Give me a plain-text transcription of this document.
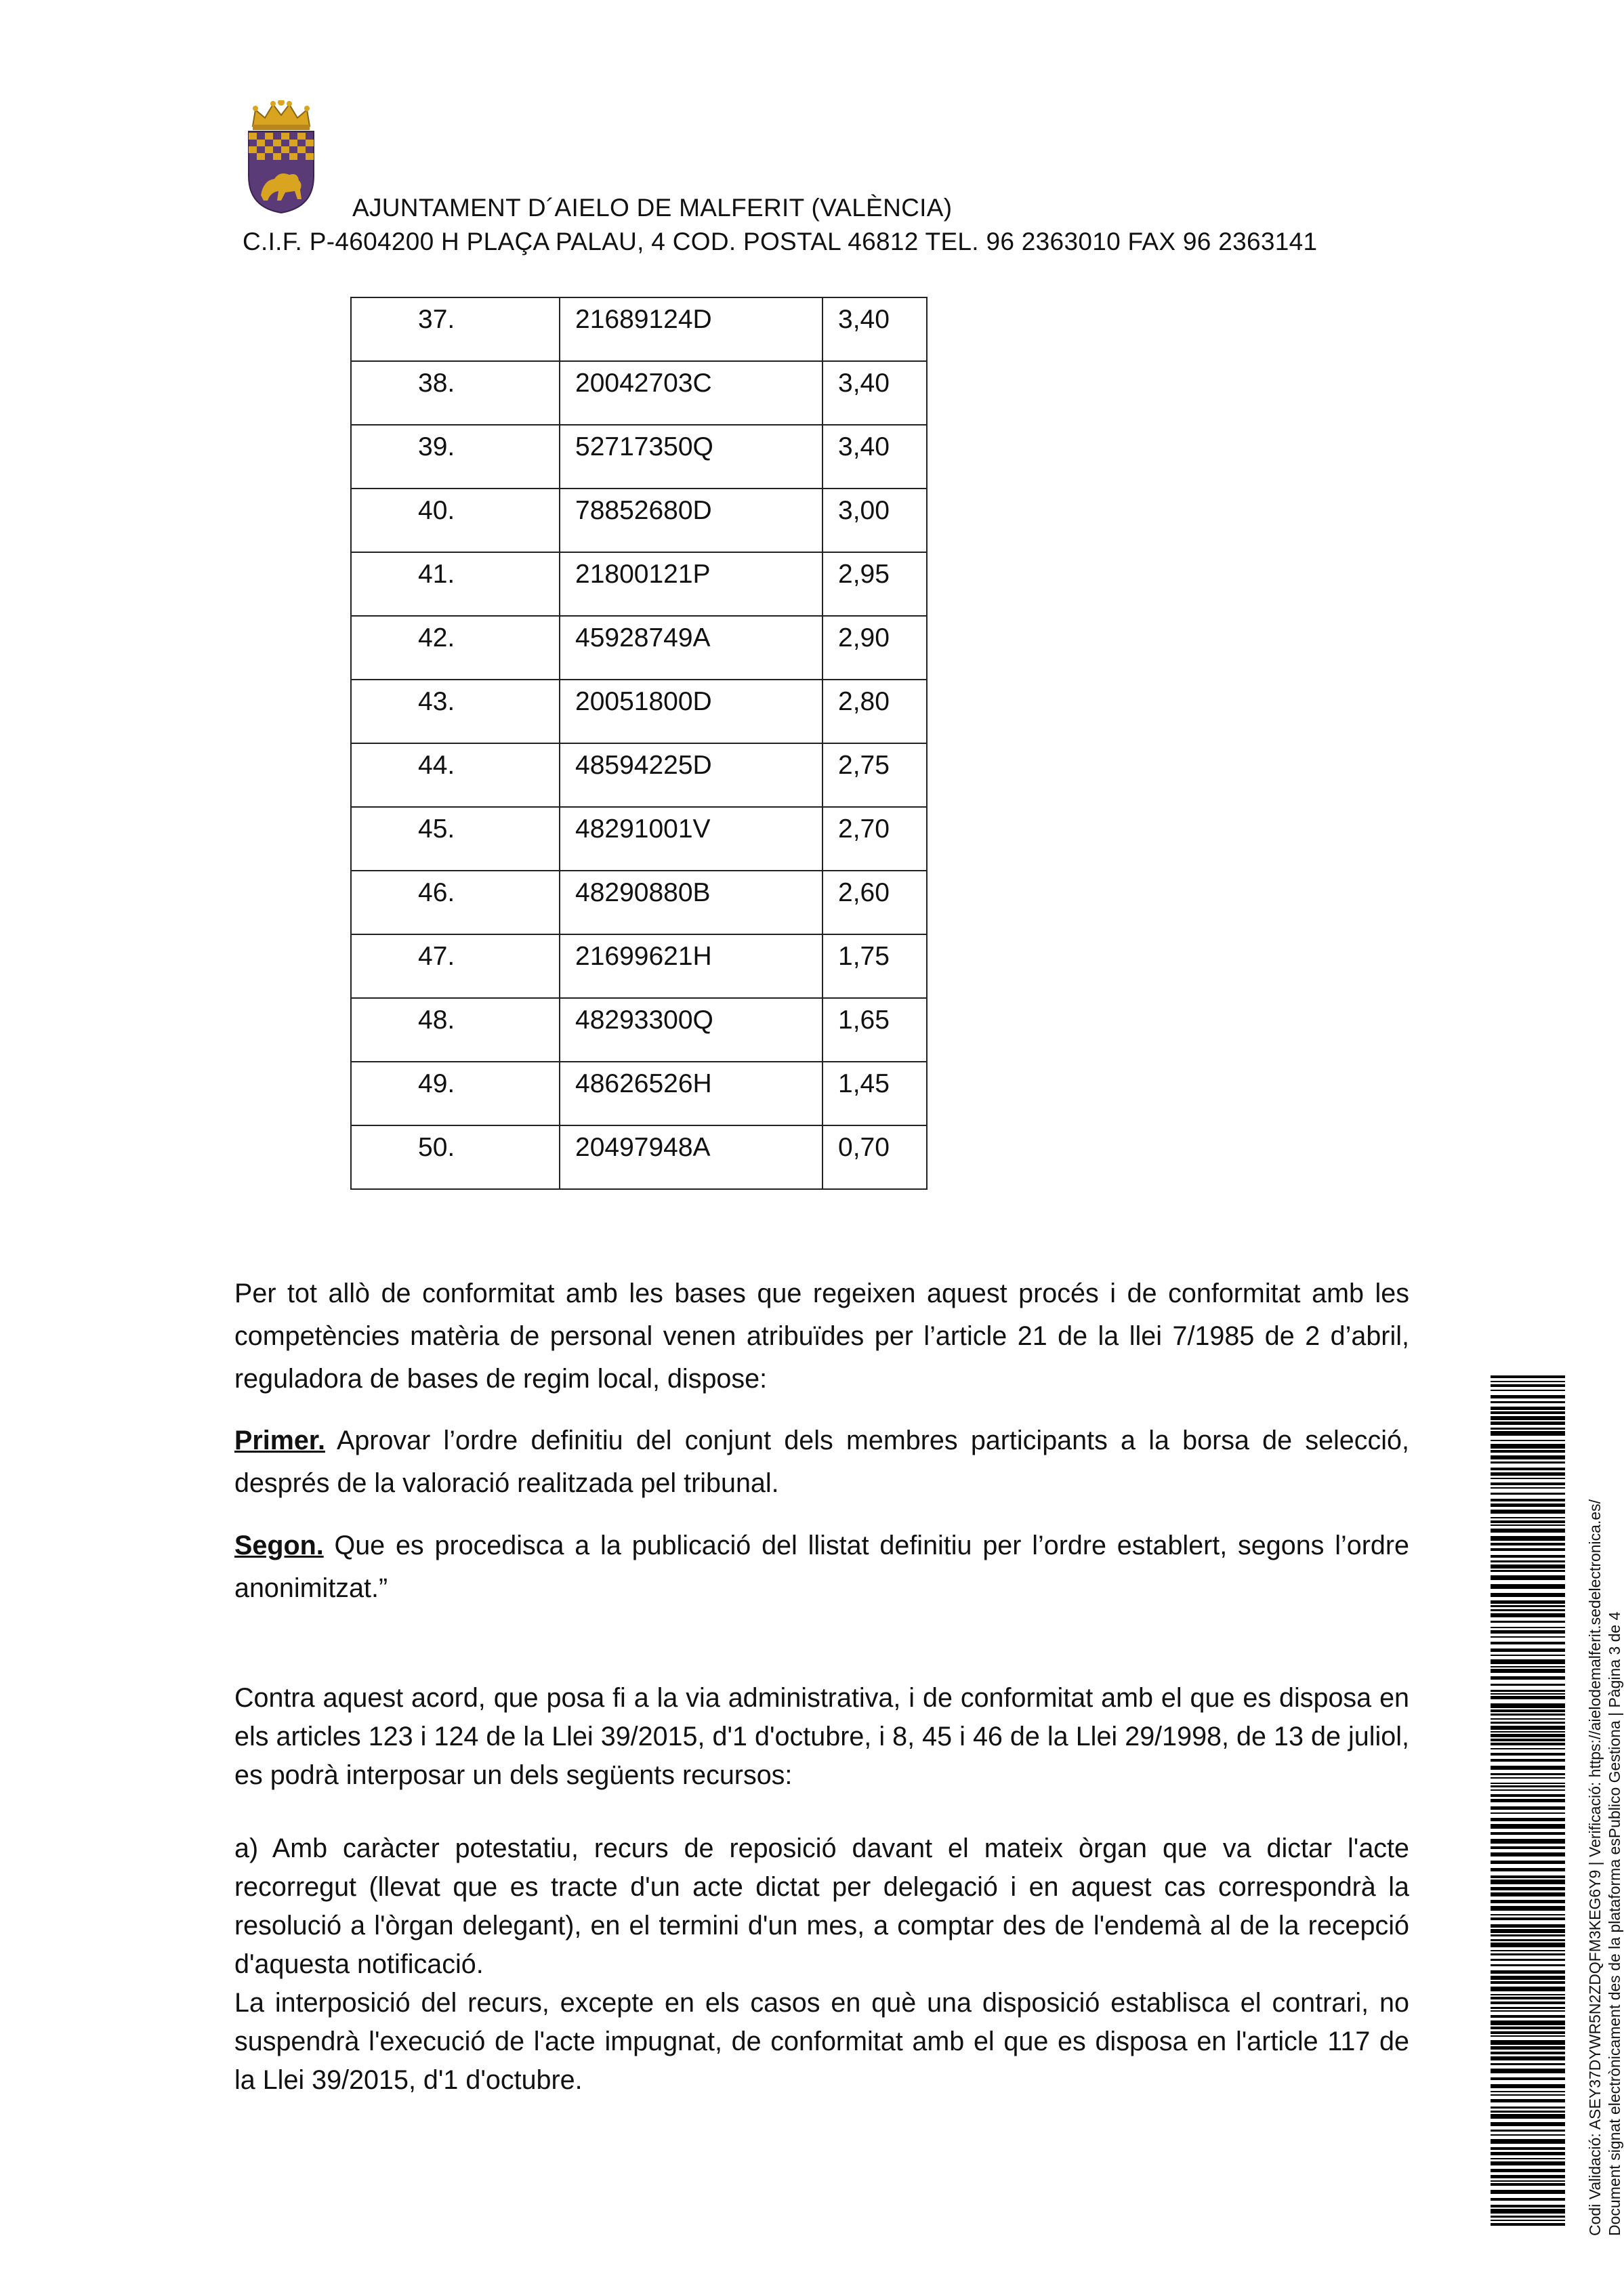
AJUNTAMENT D´AIELO DE MALFERIT (VALÈNCIA)
C.I.F. P-4604200 H PLAÇA PALAU, 4 COD. POSTAL 46812 TEL. 96 2363010 FAX 96 2363141
37.	21689124D	3,40

38.	20042703C	3,40

39.	52717350Q	3,40

40.	78852680D	3,00

41.	21800121P	2,95

42.	45928749A	2,90

43.	20051800D	2,80

44.	48594225D	2,75

45.	48291001V	2,70

46.	48290880B	2,60

47.	21699621H	1,75

48.	48293300Q	1,65

49.	48626526H	1,45

50.	20497948A	0,70

Per tot allò de conformitat amb les bases que regeixen aquest procés i de conformitat amb les competències matèria de personal venen atribuïdes per l’article 21 de la llei 7/1985 de 2 d’abril, reguladora de bases de regim local, dispose:

Primer. Aprovar l’ordre definitiu del conjunt dels membres participants a la borsa de selecció, després de la valoració realitzada pel tribunal.

Segon. Que es procedisca a la publicació del llistat definitiu per l’ordre establert, segons l’ordre anonimitzat.”

Contra aquest acord, que posa fi a la via administrativa, i de conformitat amb el que es disposa en els articles 123 i 124 de la Llei 39/2015, d'1 d'octubre, i 8, 45 i 46 de la Llei 29/1998, de 13 de juliol, es podrà interposar un dels següents recursos:

a) Amb caràcter potestatiu, recurs de reposició davant el mateix òrgan que va dictar l'acte recorregut (llevat que es tracte d'un acte dictat per delegació i en aquest cas correspondrà la resolució a l'òrgan delegant), en el termini d'un mes, a comptar des de l'endemà al de la recepció d'aquesta notificació.

La interposició del recurs, excepte en els casos en què una disposició establisca el contrari, no suspendrà l'execució de l'acte impugnat, de conformitat amb el que es disposa en l'article 117 de la Llei 39/2015, d'1 d'octubre.	Codi Validació: ASEY37DYWR5N2ZDQFM3KEG6Y9 | Verificació: https://aielodemalferit.sedelectronica.es/ Document signat electrònicament des de la plataforma esPublico Gestiona | Pàgina 3 de 4
